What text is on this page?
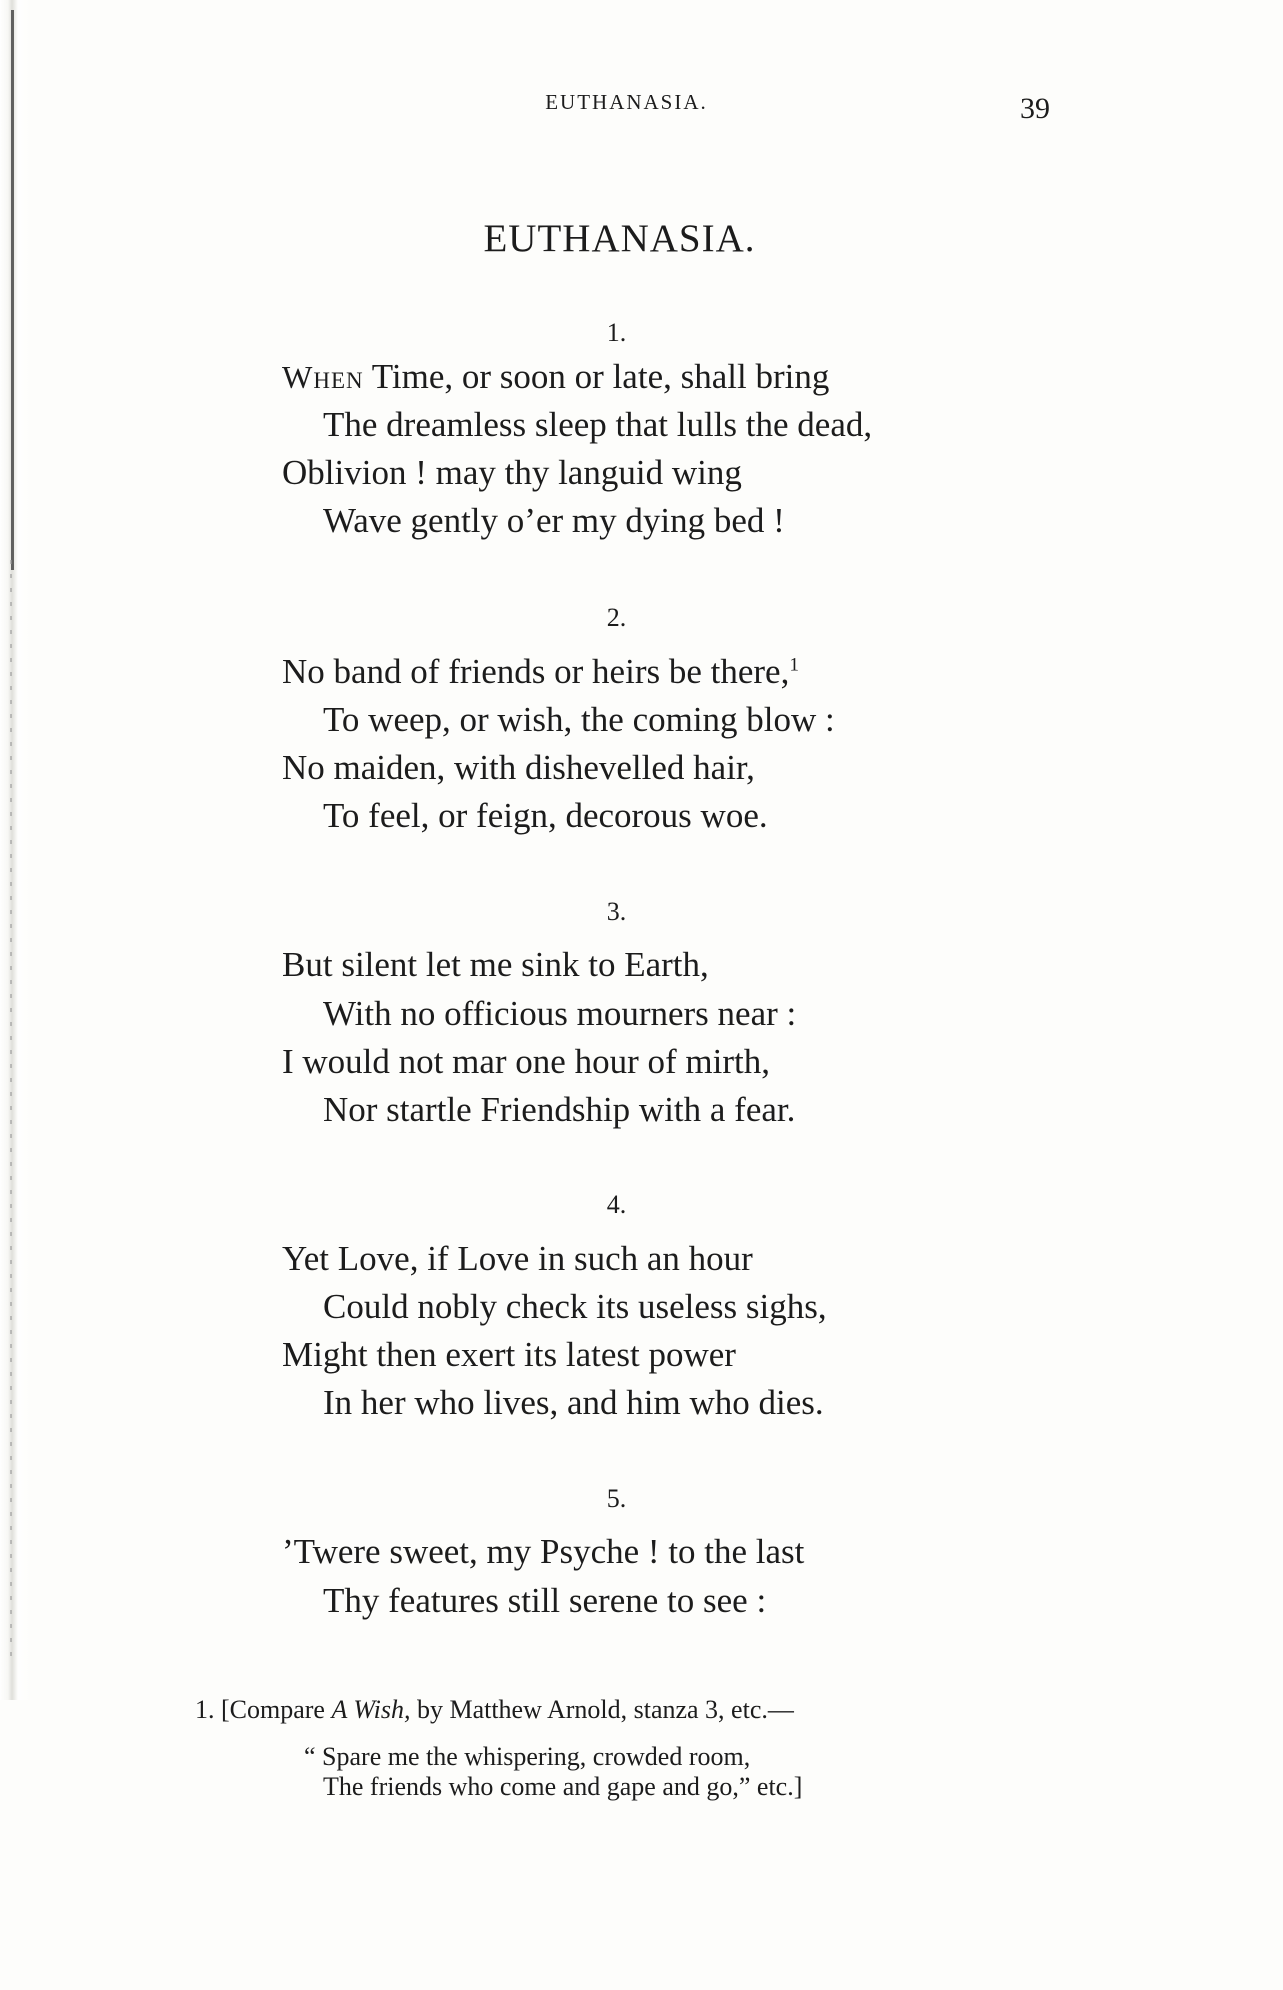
EUTHANASIA.	39
EUTHANASIA.
1.
When Time, or soon or late, shall bring
The dreamless sleep that lulls the dead,
Oblivion ! may thy languid wing
Wave gently o’er my dying bed !
2.
No band of friends or heirs be there,$^1$
To weep, or wish, the coming blow :
No maiden, with dishevelled hair,
To feel, or feign, decorous woe.
3.
But silent let me sink to Earth,
With no officious mourners near :
I would not mar one hour of mirth,
Nor startle Friendship with a fear.
4.
Yet Love, if Love in such an hour
Could nobly check its useless sighs,
Might then exert its latest power
In her who lives, and him who dies.
5.
’Twere sweet, my Psyche ! to the last
Thy features still serene to see :
1. [Compare A Wish, by Matthew Arnold, stanza 3, etc.—
“ Spare me the whispering, crowded room,
The friends who come and gape and go,” etc.]
